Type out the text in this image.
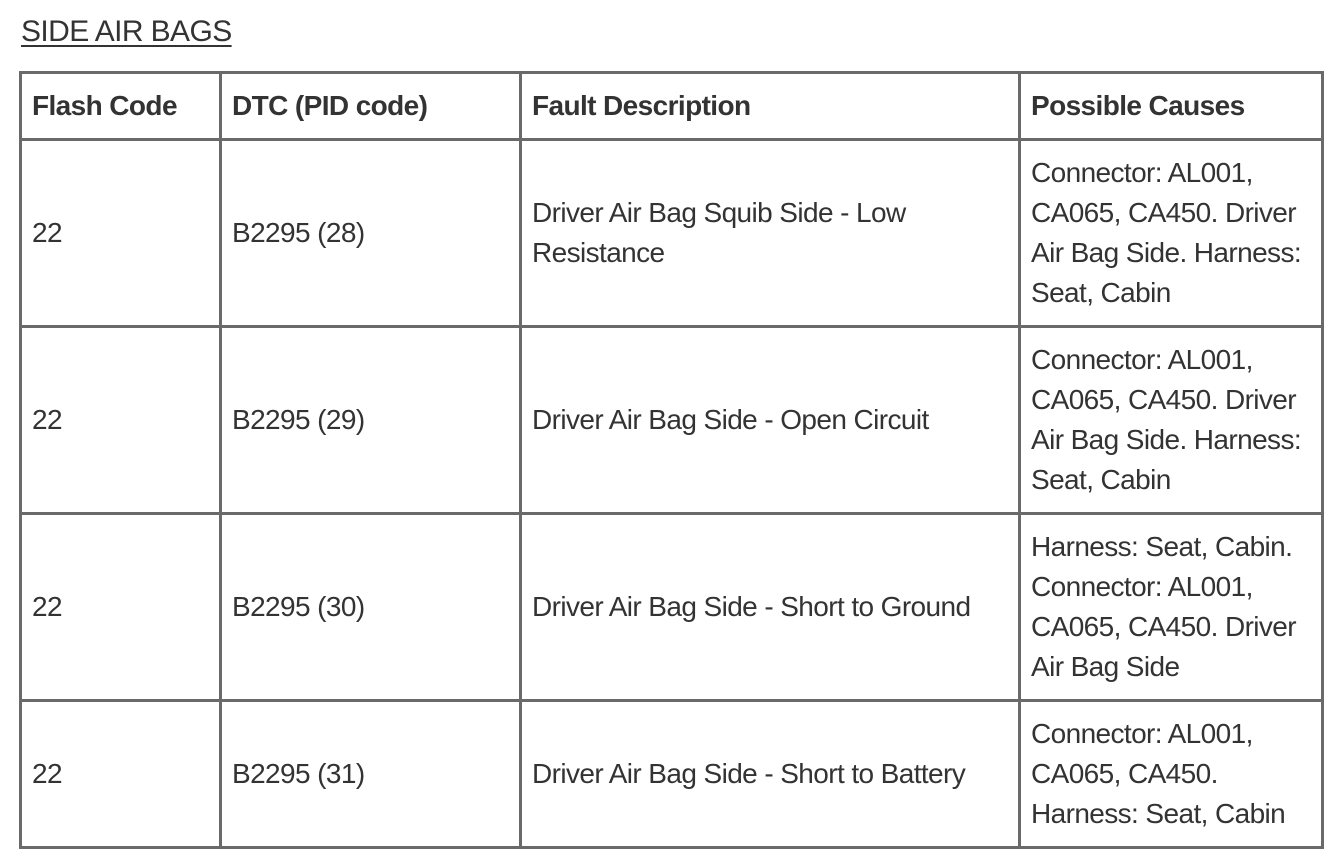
SIDE AIR BAGS
Flash Code	DTC (PID code)	Fault Description	Possible Causes
22	B2295 (28)	Driver Air Bag Squib Side - Low Resistance	Connector: AL001, CA065, CA450. Driver Air Bag Side. Harness: Seat, Cabin
22	B2295 (29)	Driver Air Bag Side - Open Circuit	Connector: AL001, CA065, CA450. Driver Air Bag Side. Harness: Seat, Cabin
22	B2295 (30)	Driver Air Bag Side - Short to Ground	Harness: Seat, Cabin. Connector: AL001, CA065, CA450. Driver Air Bag Side
22	B2295 (31)	Driver Air Bag Side - Short to Battery	Connector: AL001, CA065, CA450. Harness: Seat, Cabin
